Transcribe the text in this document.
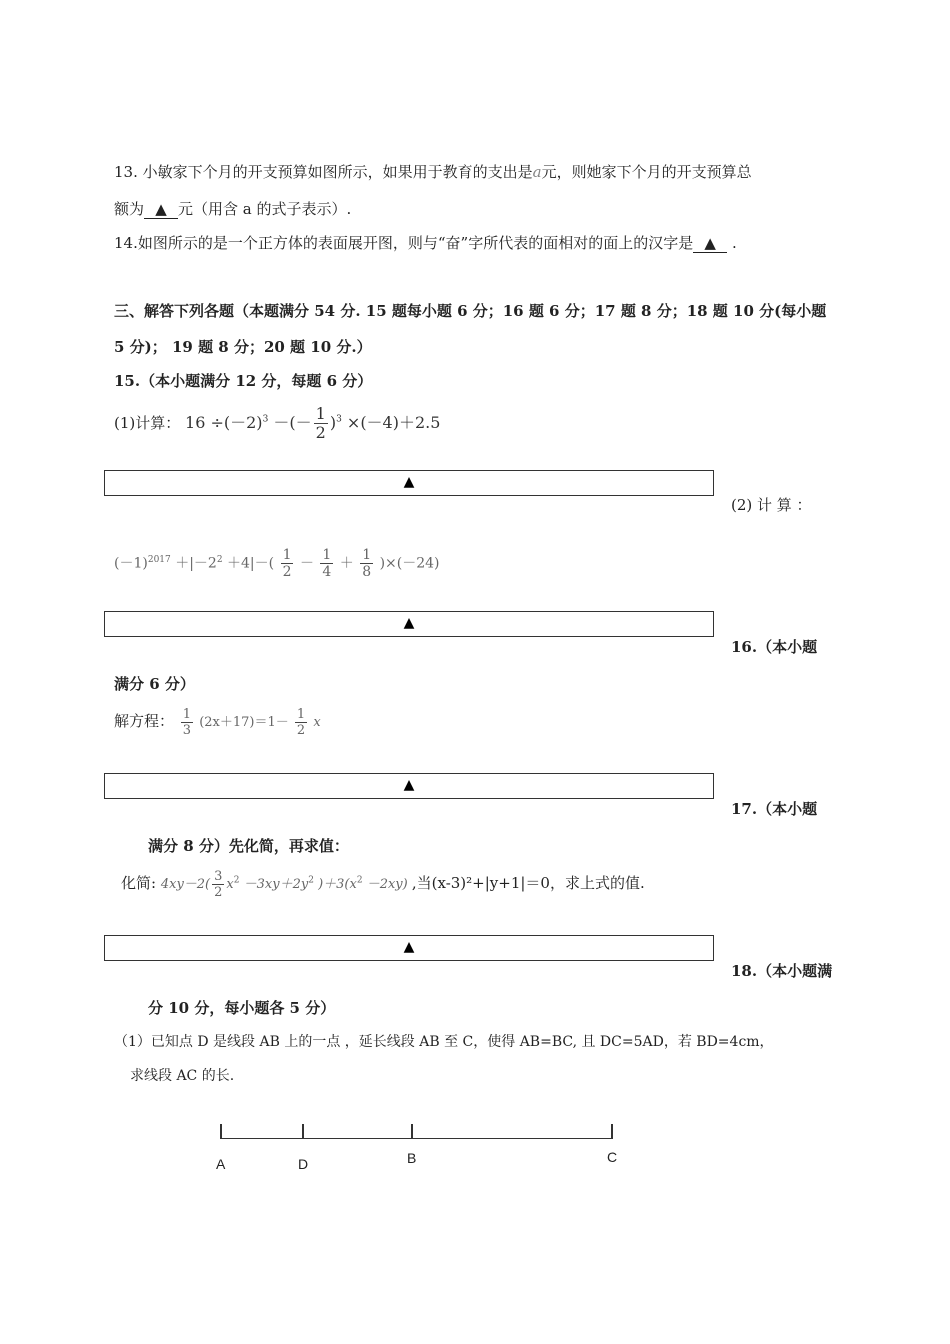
13. 小敏家下个月的开支预算如图所示，如果用于教育的支出是a元，则她家下个月的开支预算总
额为 ▲ 元（用含 a 的式子表示）.
14.如图所示的是一个正方体的表面展开图，则与“奋”字所代表的面相对的面上的汉字是 ▲ .
三、解答下列各题（本题满分 54 分. 15 题每小题 6 分；16 题 6 分；17 题 8 分；18 题 10 分(每小题
5 分)； 19 题 8 分；20 题 10 分.）
15.（本小题满分 12 分，每题 6 分）
(1)计算： $16 \div(-2)^3$ －(－ $\frac{1}{2} )^3 \times(-4)+2.5$
▲
(2) 计 算 ：
$(-1)^{2017} +|-2^2 +4|-( \frac{1}{2} - \frac{1}{4} + \frac{1}{8} )\times(-24)$
▲
16.（本小题
满分 6 分）
解方程： $\frac{1}{3} (2x+17)=1- \frac{1}{2}$ x
▲
17.（本小题
满分 8 分）先化简，再求值：
化简: $4xy-2( \frac{3}{2} x^2 -3xy+2y^2$ )$+3(x^2 -2xy)$ ,当(x-3)²+|y+1|＝0，求上式的值.
▲
18.（本小题满
分 10 分，每小题各 5 分）
（1）已知点 D 是线段 AB 上的一点 ，延长线段 AB 至 C，使得 AB=BC, 且 DC=5AD，若 BD=4cm，
求线段 AC 的长.
A	D	B	C
